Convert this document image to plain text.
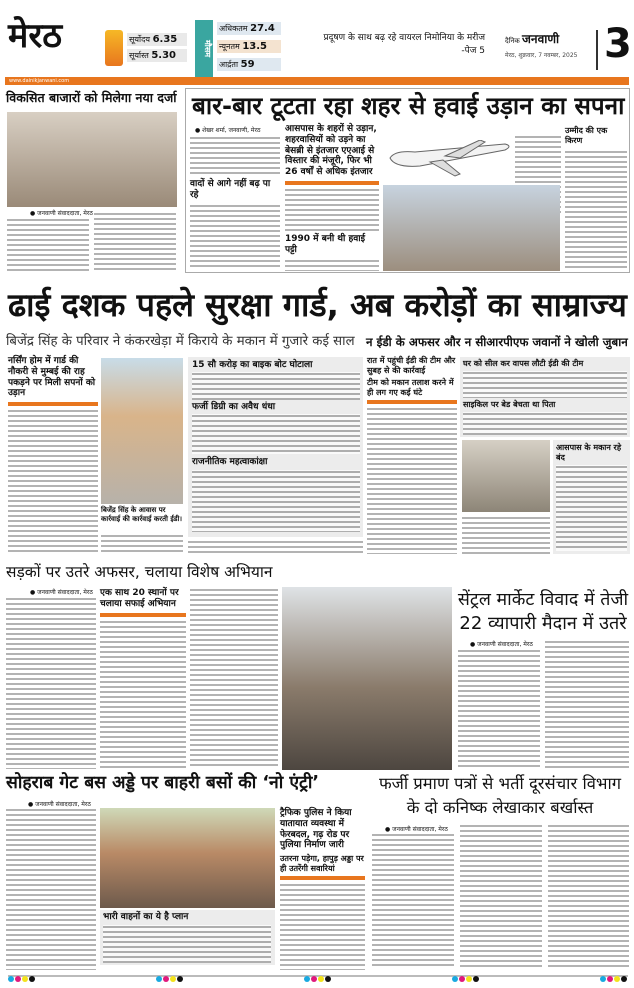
मेरठ	सूर्योदय 6.35
सूर्यास्त 5.30	मौसम
अधिकतम 27.4
न्यूनतम 13.5
आर्द्रता 59
प्रदूषण के साथ बढ़ रहे वायरल निमोनिया के मरीज
-पेज 5
दैनिक जनवाणी
मेरठ, शुक्रवार, 7 नवम्बर, 2025 3
$^{www.dainikjanwani.com}$
विकसित बाजारों को मिलेगा नया दर्जा
● जनवाणी संवाददाता, मेरठ
बार-बार टूटता रहा शहर से हवाई उड़ान का सपना
● शेखर शर्मा, जनवाणी, मेरठ
वादों से आगे नहीं बढ़ पा रहे
आसपास के शहरों से उड़ान, शहरवासियों को उड़ने का बेसब्री से इंतजार एएआई से विस्तार की मंजूरी, फिर भी 26 वर्षों से अधिक इंतजार
1990 में बनी थी हवाई पट्टी
उम्मीद की एक किरण
ढाई दशक पहले सुरक्षा गार्ड, अब करोड़ों का साम्राज्य
बिजेंद्र सिंह के परिवार ने कंकरखेड़ा में किराये के मकान में गुजारे कई साल न ईडी के अफसर और न सीआरपीएफ जवानों ने खोली जुबान
नर्सिंग होम में गार्ड की नौकरी से मुम्बई की राह पकड़ने पर मिली सपनों को उड़ान
बिजेंद्र सिंह के आवास पर कार्रवाई की कार्रवाई करती ईडी।
15 सौ करोड़ का बाइक बोट घोटाला
फर्जी डिग्री का अवैध धंधा
राजनीतिक महत्वाकांक्षा
रात में पहुंची ईडी की टीम और सुबह से की कार्रवाई
टीम को मकान तलाश करने में ही लग गए कई घंटे
घर को सील कर वापस लौटी ईडी की टीम
साइकिल पर बेड बेचता था पिता
आसपास के मकान रहे बंद
सड़कों पर उतरे अफसर, चलाया विशेष अभियान
● जनवाणी संवाददाता, मेरठ एक साथ 20 स्थानों पर चलाया सफाई अभियान	सेंट्रल मार्केट विवाद में तेजी
22 व्यापारी मैदान में उतरे
● जनवाणी संवाददाता, मेरठ
सोहराब गेट बस अड्डे पर बाहरी बसों की ‘नो एंट्री’
● जनवाणी संवाददाता, मेरठ
भारी वाहनों का ये है प्लान
ट्रैफिक पुलिस ने किया यातायात व्यवस्था में फेरबदल, गढ़ रोड पर पुलिया निर्माण जारी
उतरना पड़ेगा, हापुड़ अड्डा पर ही उतरेंगी सवारियां
फर्जी प्रमाण पत्रों से भर्ती दूरसंचार विभाग
के दो कनिष्क लेखाकार बर्खास्त
● जनवाणी संवाददाता, मेरठ
